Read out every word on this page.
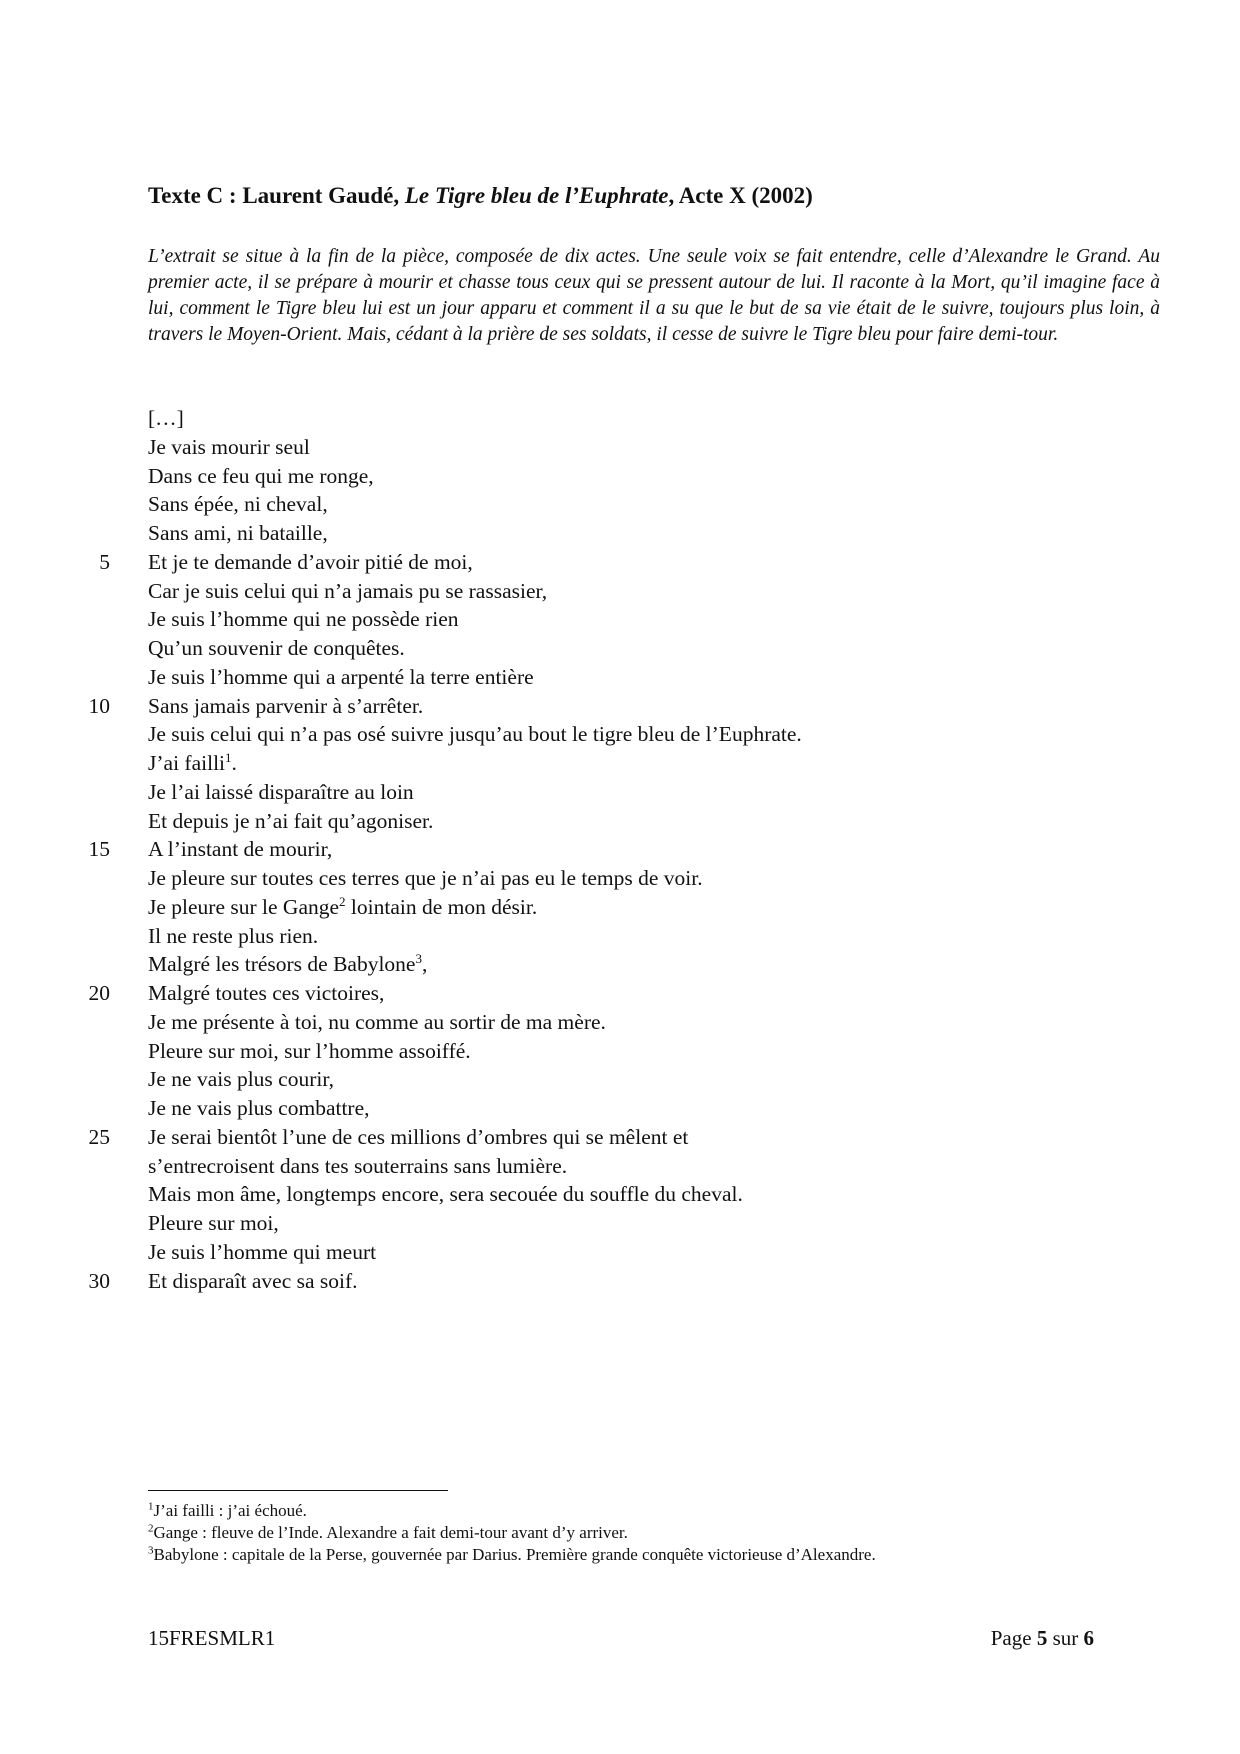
Texte C : Laurent Gaudé, Le Tigre bleu de l’Euphrate, Acte X (2002)
L’extrait se situe à la fin de la pièce, composée de dix actes. Une seule voix se fait entendre, celle d’Alexandre le Grand. Au premier acte, il se prépare à mourir et chasse tous ceux qui se pressent autour de lui. Il raconte à la Mort, qu’il imagine face à lui, comment le Tigre bleu lui est un jour apparu et comment il a su que le but de sa vie était de le suivre, toujours plus loin, à travers le Moyen-Orient. Mais, cédant à la prière de ses soldats, il cesse de suivre le Tigre bleu pour faire demi-tour.
[…]
Je vais mourir seul
Dans ce feu qui me ronge,
Sans épée, ni cheval,
Sans ami, ni bataille,
5 Et je te demande d’avoir pitié de moi,
Car je suis celui qui n’a jamais pu se rassasier,
Je suis l’homme qui ne possède rien
Qu’un souvenir de conquêtes.
Je suis l’homme qui a arpenté la terre entière
10 Sans jamais parvenir à s’arrêter.
Je suis celui qui n’a pas osé suivre jusqu’au bout le tigre bleu de l’Euphrate.
J’ai failli$^1$.
Je l’ai laissé disparaître au loin
Et depuis je n’ai fait qu’agoniser.
15 A l’instant de mourir,
Je pleure sur toutes ces terres que je n’ai pas eu le temps de voir.
Je pleure sur le Gange$^2$ lointain de mon désir.
Il ne reste plus rien.
Malgré les trésors de Babylone$^3$,
20 Malgré toutes ces victoires,
Je me présente à toi, nu comme au sortir de ma mère.
Pleure sur moi, sur l’homme assoiffé.
Je ne vais plus courir,
Je ne vais plus combattre,
25 Je serai bientôt l’une de ces millions d’ombres qui se mêlent et
s’entrecroisent dans tes souterrains sans lumière.
Mais mon âme, longtemps encore, sera secouée du souffle du cheval.
Pleure sur moi,
Je suis l’homme qui meurt
30 Et disparaît avec sa soif.
$^1$J’ai failli : j’ai échoué.
$^2$Gange : fleuve de l’Inde. Alexandre a fait demi-tour avant d’y arriver.
$^3$Babylone : capitale de la Perse, gouvernée par Darius. Première grande conquête victorieuse d’Alexandre.
15FRESMLR1	Page 5 sur 6
